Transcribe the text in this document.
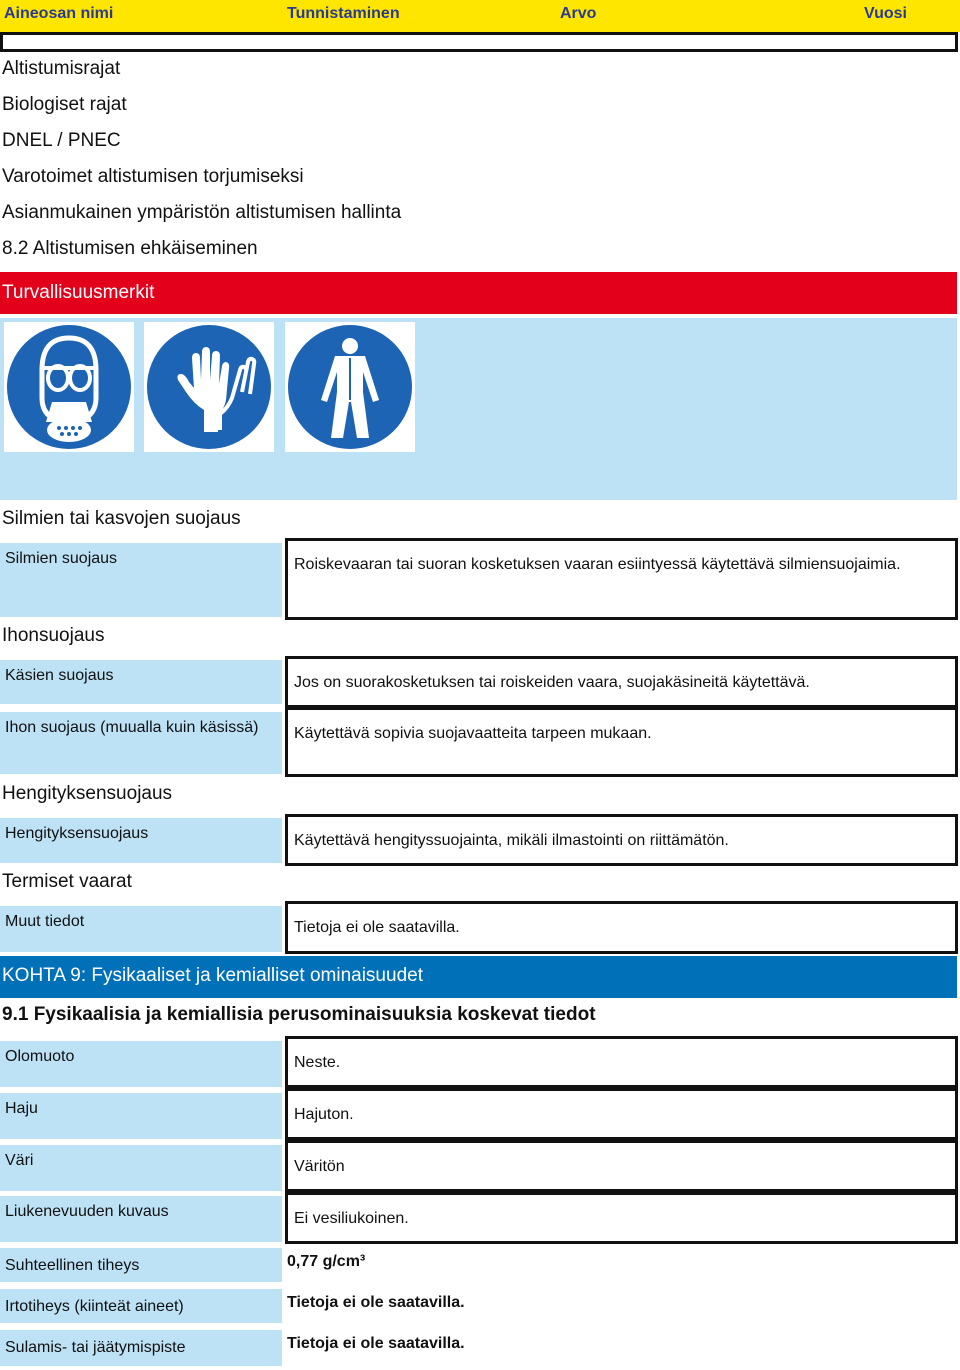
Aineosan nimi	Tunnistaminen	Arvo	Vuosi
Altistumisrajat
Biologiset rajat
DNEL / PNEC
Varotoimet altistumisen torjumiseksi
Asianmukainen ympäristön altistumisen hallinta
8.2 Altistumisen ehkäiseminen
Turvallisuusmerkit
Silmien tai kasvojen suojaus
Silmien suojaus	Roiskevaaran tai suoran kosketuksen vaaran esiintyessä käytettävä silmiensuojaimia.
Ihonsuojaus
Käsien suojaus	Jos on suorakosketuksen tai roiskeiden vaara, suojakäsineitä käytettävä.
Ihon suojaus (muualla kuin käsissä)	Käytettävä sopivia suojavaatteita tarpeen mukaan.
Hengityksensuojaus
Hengityksensuojaus	Käytettävä hengityssuojainta, mikäli ilmastointi on riittämätön.
Termiset vaarat
Muut tiedot	Tietoja ei ole saatavilla.
KOHTA 9: Fysikaaliset ja kemialliset ominaisuudet
9.1 Fysikaalisia ja kemiallisia perusominaisuuksia koskevat tiedot
Olomuoto	Neste.
Haju	Hajuton.
Väri	Väritön
Liukenevuuden kuvaus	Ei vesiliukoinen.
Suhteellinen tiheys	0,77 g/cm³
Irtotiheys (kiinteät aineet)	Tietoja ei ole saatavilla.
Sulamis- tai jäätymispiste	Tietoja ei ole saatavilla.
